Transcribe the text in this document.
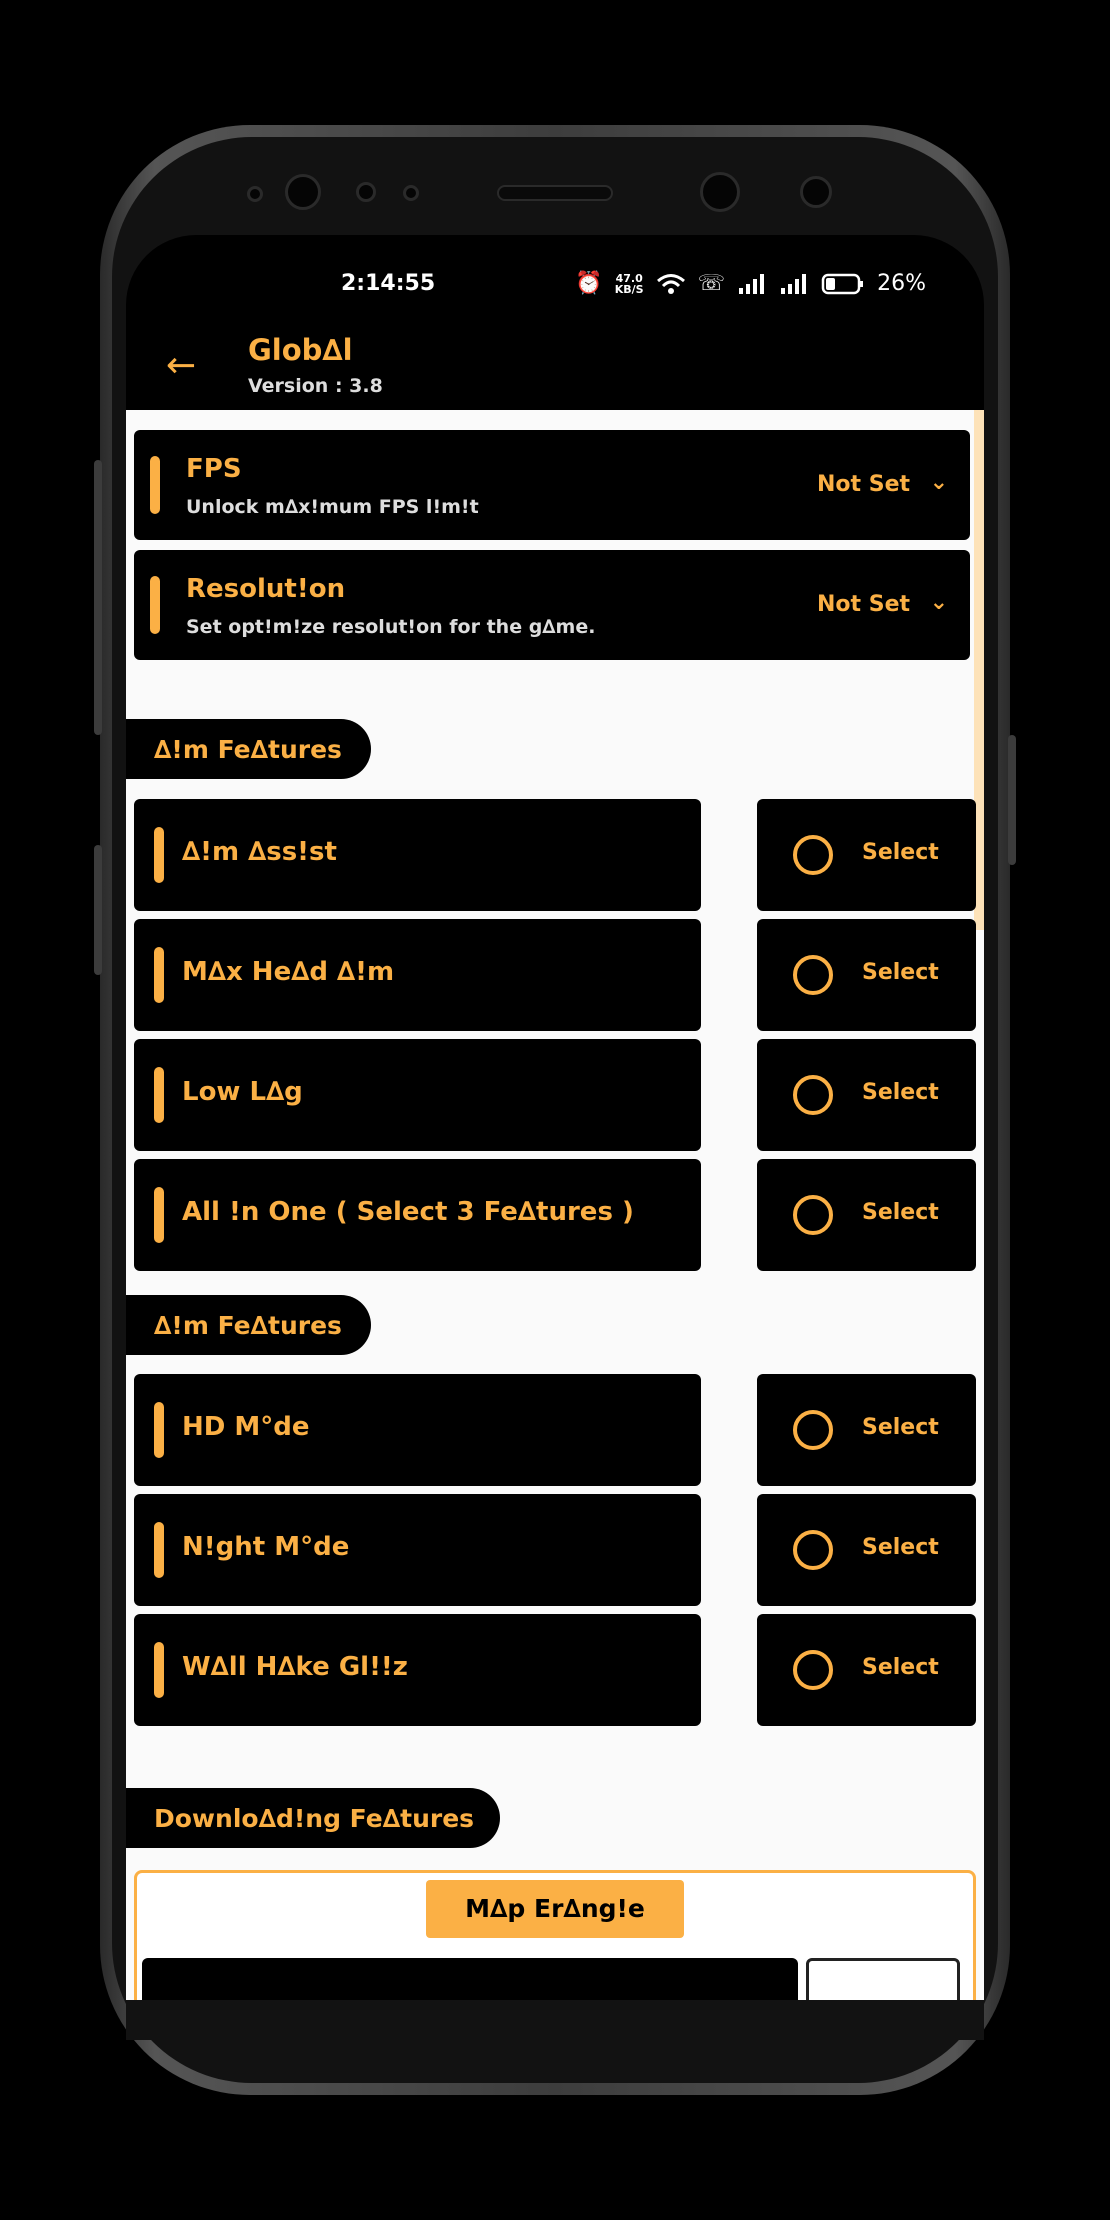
2:14:55	⏰ 47.0
KB/S ☏	26%
← Glob∆l
Version : 3.8
FPS
Unlock m∆x!mum FPS l!m!t
Not Set ⌄
Resolut!on
Set opt!m!ze resolut!on for the g∆me.
Not Set ⌄
∆!m Fe∆tures
∆!m ∆ss!st	Select
M∆x He∆d ∆!m	Select
Low L∆g	Select
All !n One ( Select 3 Fe∆tures )	Select
∆!m Fe∆tures
HD M°de	Select
N!ght M°de	Select
W∆ll H∆ke Gl!!z	Select
Downlo∆d!ng Fe∆tures
M∆p Er∆ng!e
